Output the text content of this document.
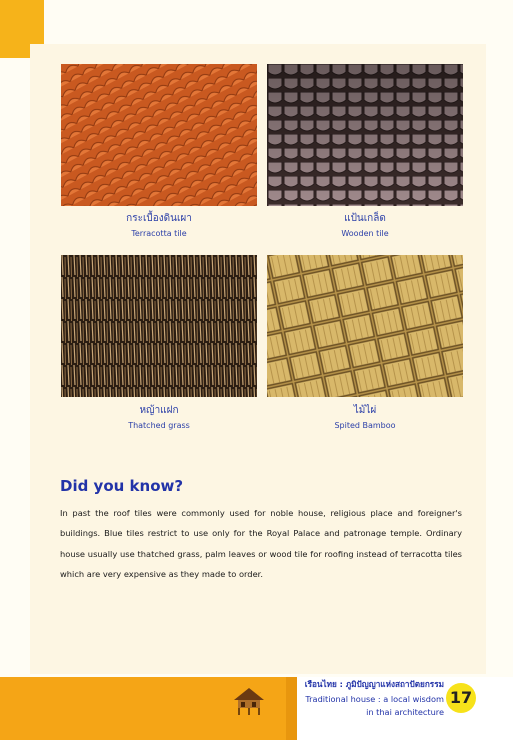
กระเบื้องดินเผา
Terracotta tile
แป้นเกล็ด
Wooden tile
หญ้าแฝก
Thatched grass
ไม้ไผ่
Spited Bamboo
Did you know?
In past the roof tiles were commonly used for noble house, religious place and foreigner's buildings. Blue tiles restrict to use only for the Royal Palace and patronage temple. Ordinary house usually use thatched grass, palm leaves or wood tile for roofing instead of terracotta tiles which are very expensive as they made to order.
เรือนไทย : ภูมิปัญญาแห่งสถาปัตยกรรม
Traditional house : a local wisdom
in thai architecture
17
